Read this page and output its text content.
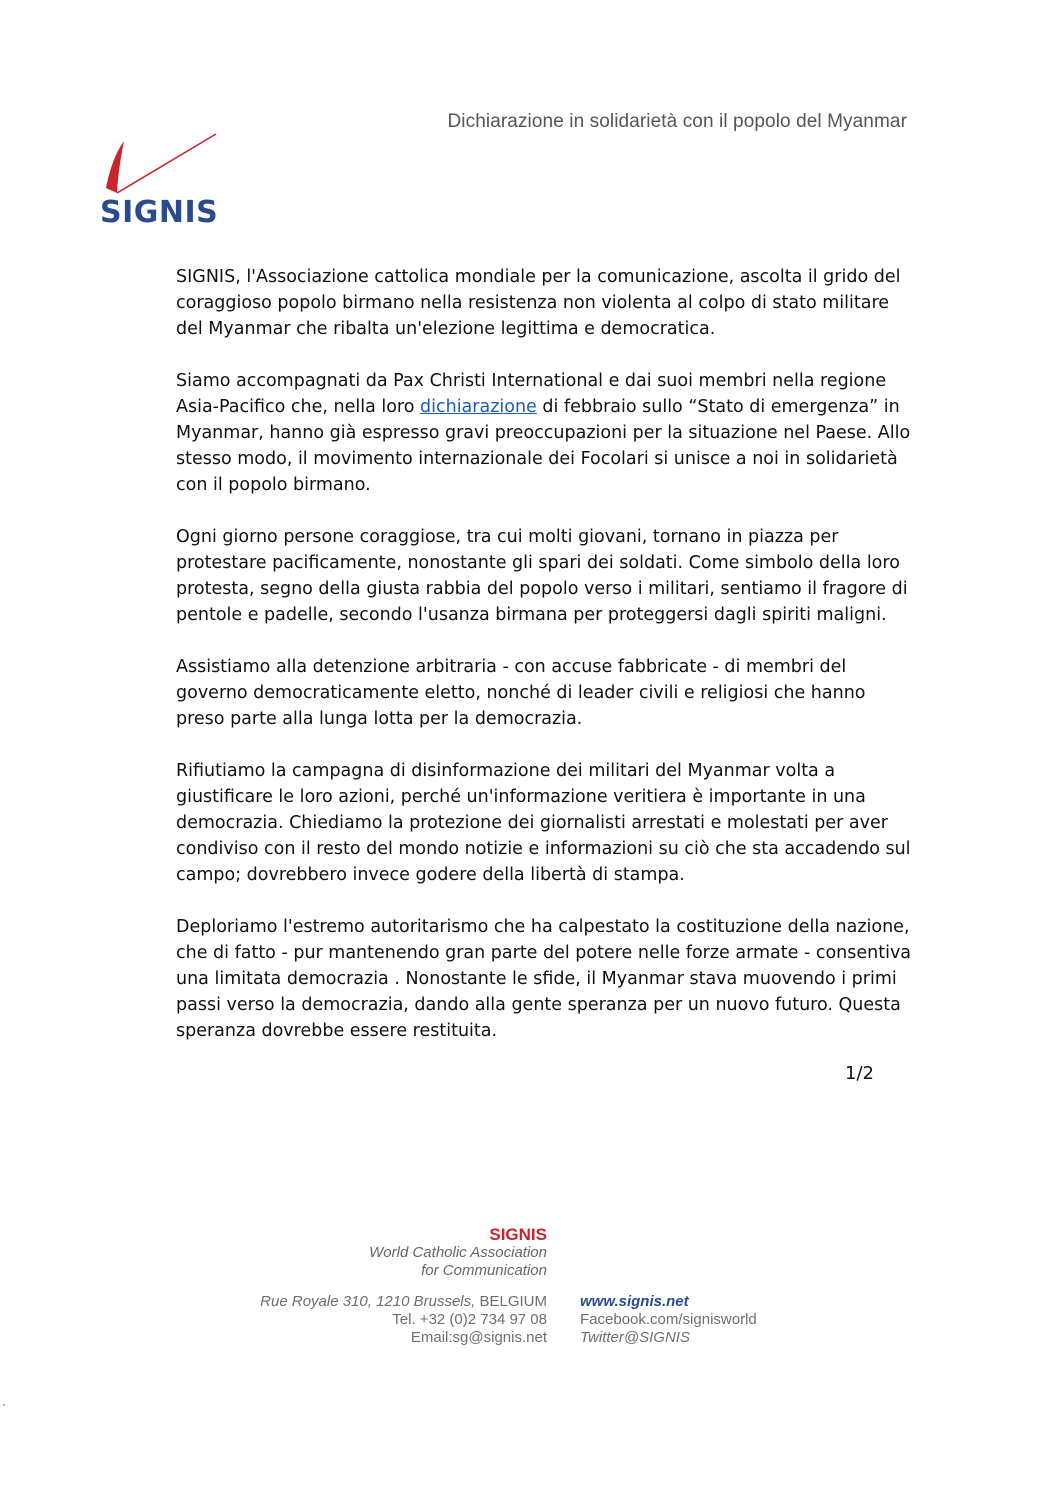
Dichiarazione in solidarietà con il popolo del Myanmar
SIGNIS

SIGNIS, l'Associazione cattolica mondiale per la comunicazione, ascolta il grido del
coraggioso popolo birmano nella resistenza non violenta al colpo di stato militare
del Myanmar che ribalta un'elezione legittima e democratica.

Siamo accompagnati da Pax Christi International e dai suoi membri nella regione
Asia-Pacifico che, nella loro dichiarazione di febbraio sullo “Stato di emergenza” in
Myanmar, hanno già espresso gravi preoccupazioni per la situazione nel Paese. Allo
stesso modo, il movimento internazionale dei Focolari si unisce a noi in solidarietà
con il popolo birmano.

Ogni giorno persone coraggiose, tra cui molti giovani, tornano in piazza per
protestare pacificamente, nonostante gli spari dei soldati. Come simbolo della loro
protesta, segno della giusta rabbia del popolo verso i militari, sentiamo il fragore di
pentole e padelle, secondo l'usanza birmana per proteggersi dagli spiriti maligni.

Assistiamo alla detenzione arbitraria - con accuse fabbricate - di membri del
governo democraticamente eletto, nonché di leader civili e religiosi che hanno
preso parte alla lunga lotta per la democrazia.

Rifiutiamo la campagna di disinformazione dei militari del Myanmar volta a
giustificare le loro azioni, perché un'informazione veritiera è importante in una
democrazia. Chiediamo la protezione dei giornalisti arrestati e molestati per aver
condiviso con il resto del mondo notizie e informazioni su ciò che sta accadendo sul
campo; dovrebbero invece godere della libertà di stampa.

Deploriamo l'estremo autoritarismo che ha calpestato la costituzione della nazione,
che di fatto - pur mantenendo gran parte del potere nelle forze armate - consentiva
una limitata democrazia . Nonostante le sfide, il Myanmar stava muovendo i primi
passi verso la democrazia, dando alla gente speranza per un nuovo futuro. Questa
speranza dovrebbe essere restituita.

1/2
SIGNIS
World Catholic Association
for Communication
Rue Royale 310, 1210 Brussels, BELGIUM
Tel. +32 (0)2 734 97 08
Email:sg@signis.net
www.signis.net
Facebook.com/signisworld
Twitter@SIGNIS
